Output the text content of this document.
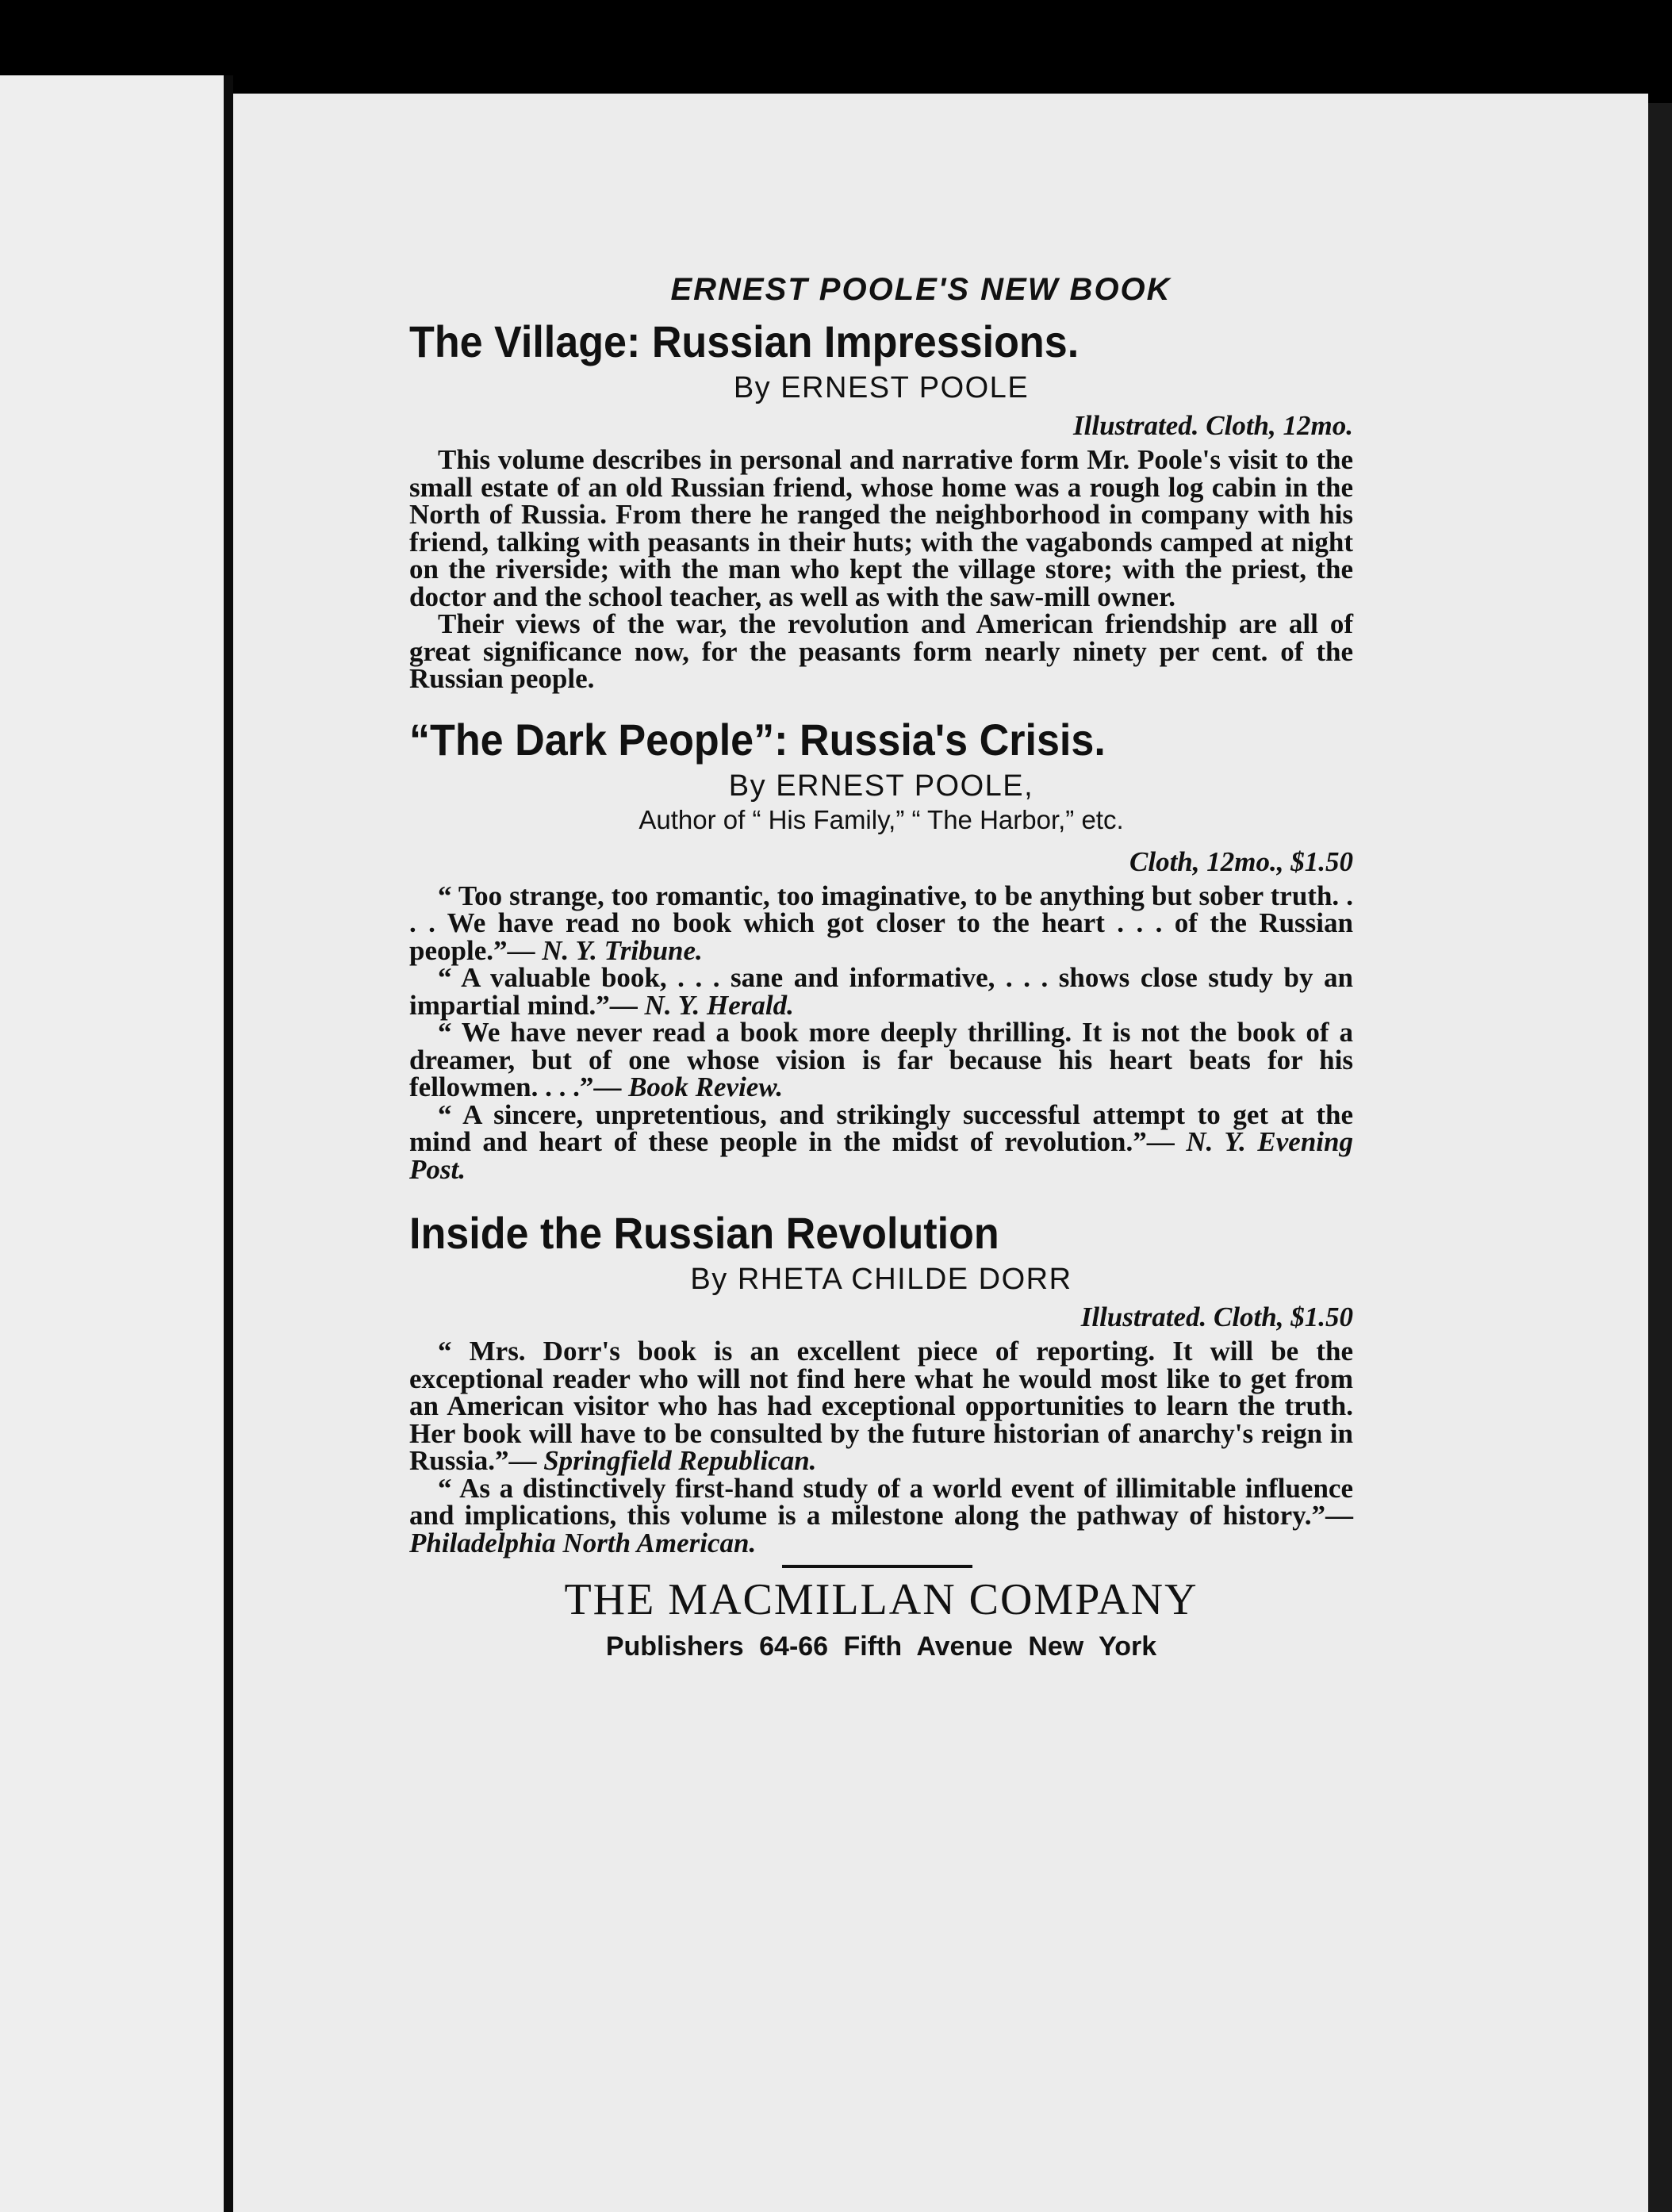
ERNEST POOLE'S NEW BOOK
The Village: Russian Impressions.
By ERNEST POOLE
Illustrated. Cloth, 12mo.

This volume describes in personal and narrative form Mr. Poole's visit to the small estate of an old Russian friend, whose home was a rough log cabin in the North of Russia. From there he ranged the neighborhood in company with his friend, talking with peasants in their huts; with the vagabonds camped at night on the riverside; with the man who kept the village store; with the priest, the doctor and the school teacher, as well as with the saw-mill owner.

Their views of the war, the revolution and American friendship are all of great significance now, for the peasants form nearly ninety per cent. of the Russian people.

“The Dark People”: Russia's Crisis.
By ERNEST POOLE,
Author of “ His Family,” “ The Harbor,” etc.
Cloth, 12mo., $1.50

“ Too strange, too romantic, too imaginative, to be anything but sober truth. . . . We have read no book which got closer to the heart . . . of the Russian people.”— N. Y. Tribune.

“ A valuable book, . . . sane and informative, . . . shows close study by an impartial mind.”— N. Y. Herald.

“ We have never read a book more deeply thrilling. It is not the book of a dreamer, but of one whose vision is far because his heart beats for his fellowmen. . . .”— Book Review.

“ A sincere, unpretentious, and strikingly successful attempt to get at the mind and heart of these people in the midst of revolution.”— N. Y. Evening Post.

Inside the Russian Revolution
By RHETA CHILDE DORR
Illustrated. Cloth, $1.50

“ Mrs. Dorr's book is an excellent piece of reporting. It will be the exceptional reader who will not find here what he would most like to get from an American visitor who has had exceptional opportunities to learn the truth. Her book will have to be consulted by the future historian of anarchy's reign in Russia.”— Springfield Republican.

“ As a distinctively first-hand study of a world event of illimitable influence and implications, this volume is a milestone along the pathway of history.”— Philadelphia North American.

THE MACMILLAN COMPANY
Publishers 64-66 Fifth Avenue New York
